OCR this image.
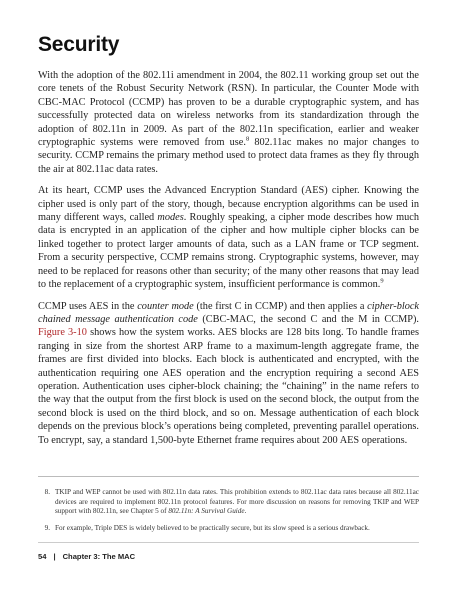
Security

With the adoption of the 802.11i amendment in 2004, the 802.11 working group set out the core tenets of the Robust Security Network (RSN). In particular, the Counter Mode with CBC-MAC Protocol (CCMP) has proven to be a durable cryptographic system, and has successfully protected data on wireless networks from its standardization through the adoption of 802.11n in 2009. As part of the 802.11n specification, earlier and weaker cryptographic systems were removed from use.$^8$ 802.11ac makes no major changes to security. CCMP remains the primary method used to protect data frames as they fly through the air at 802.11ac data rates.

At its heart, CCMP uses the Advanced Encryption Standard (AES) cipher. Knowing the cipher used is only part of the story, though, because encryption algorithms can be used in many different ways, called modes. Roughly speaking, a cipher mode describes how much data is encrypted in an application of the cipher and how multiple cipher blocks can be linked together to protect larger amounts of data, such as a LAN frame or TCP segment. From a security perspective, CCMP remains strong. Cryptographic systems, however, may need to be replaced for reasons other than security; of the many other reasons that may lead to the replacement of a cryptographic system, insufficient performance is common.$^9$

CCMP uses AES in the counter mode (the first C in CCMP) and then applies a cipher-block chained message authentication code (CBC-MAC, the second C and the M in CCMP). Figure 3-10 shows how the system works. AES blocks are 128 bits long. To handle frames ranging in size from the shortest ARP frame to a maximum-length aggregate frame, the frames are first divided into blocks. Each block is authenticated and encrypted, with the authentication requiring one AES operation and the encryption requiring a second AES operation. Authentication uses cipher-block chaining; the “chaining” in the name refers to the way that the output from the first block is used on the second block, the output from the second block is used on the third block, and so on. Message authentication of each block depends on the previous block’s operations being completed, preventing parallel operations. To encrypt, say, a standard 1,500-byte Ethernet frame requires about 200 AES operations.

8. TKIP and WEP cannot be used with 802.11n data rates. This prohibition extends to 802.11ac data rates because all 802.11ac devices are required to implement 802.11n protocol features. For more discussion on reasons for removing TKIP and WEP support with 802.11n, see Chapter 5 of 802.11n: A Survival Guide.
9. For example, Triple DES is widely believed to be practically secure, but its slow speed is a serious drawback.
54 | Chapter 3: The MAC
